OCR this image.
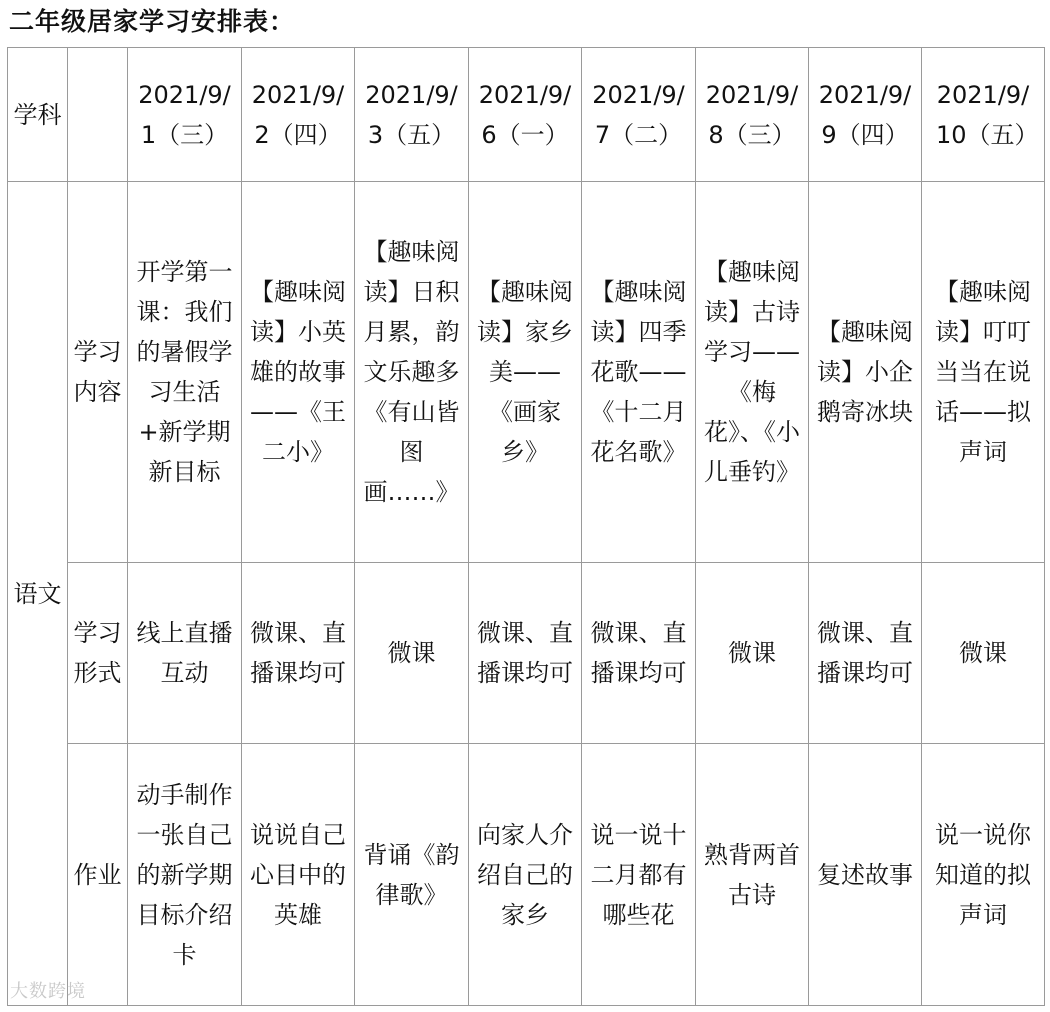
二年级居家学习安排表：
学科		2021/9/1（三）	2021/9/2（四）	2021/9/3（五）	2021/9/6（一）	2021/9/7（二）	2021/9/8（三）	2021/9/9（四）	2021/9/10（五）

语文	学习内容	开学第一课：我们的暑假学习生活+新学期新目标	【趣味阅读】小英雄的故事——《王二小》	【趣味阅读】日积月累，韵文乐趣多《有山皆图画……》	【趣味阅读】家乡美——《画家乡》	【趣味阅读】四季花歌——《十二月花名歌》	【趣味阅读】古诗学习——《梅花》、《小儿垂钓》	【趣味阅读】小企鹅寄冰块	【趣味阅读】叮叮当当在说话——拟声词

	学习形式	线上直播互动	微课、直播课均可	微课	微课、直播课均可	微课、直播课均可	微课	微课、直播课均可	微课

	作业	动手制作一张自己的新学期目标介绍卡	说说自己心目中的英雄	背诵《韵律歌》	向家人介绍自己的家乡	说一说十二月都有哪些花	熟背两首古诗	复述故事	说一说你知道的拟声词
大数跨境
